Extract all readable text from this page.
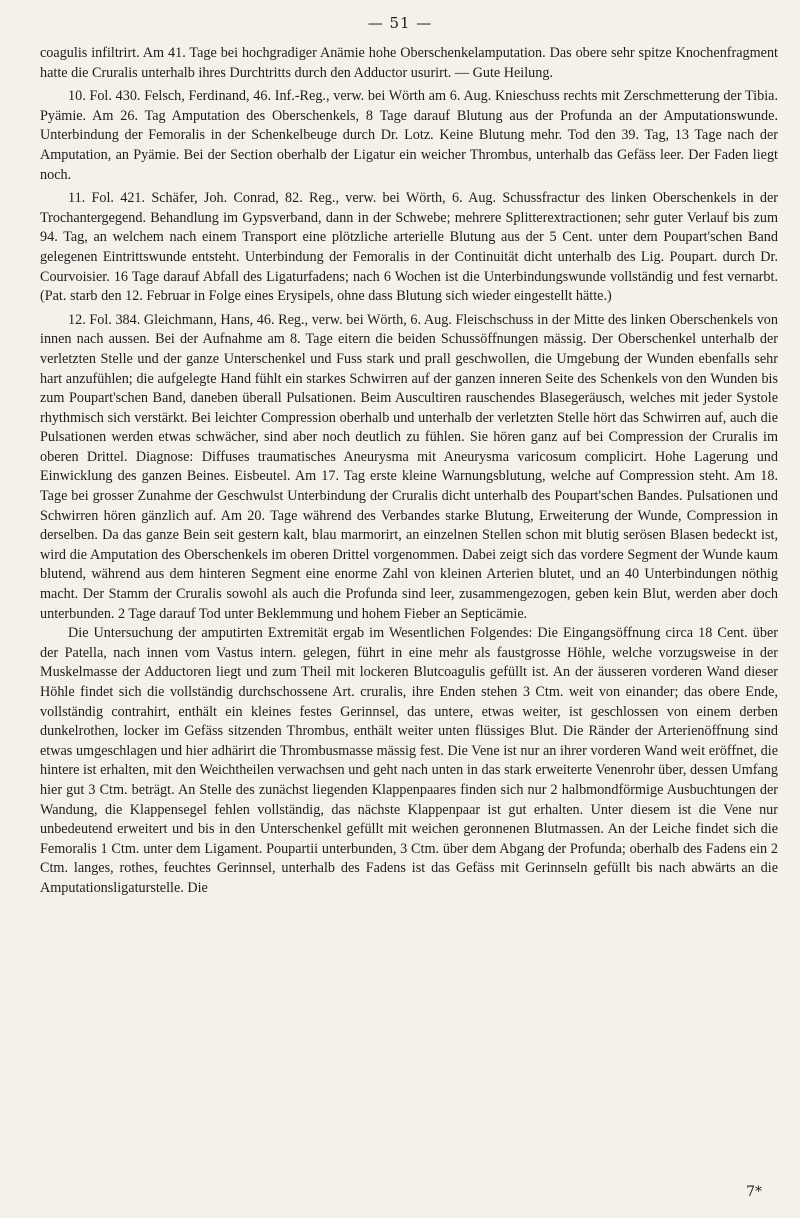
— 51 —

coagulis infiltrirt. Am 41. Tage bei hochgradiger Anämie hohe Oberschenkelamputation. Das obere sehr spitze Knochenfragment hatte die Cruralis unterhalb ihres Durchtritts durch den Adductor usurirt. — Gute Heilung.

10. Fol. 430. Felsch, Ferdinand, 46. Inf.-Reg., verw. bei Wörth am 6. Aug. Knieschuss rechts mit Zerschmetterung der Tibia. Pyämie. Am 26. Tag Amputation des Oberschenkels, 8 Tage darauf Blutung aus der Profunda an der Amputationswunde. Unterbindung der Femoralis in der Schenkelbeuge durch Dr. Lotz. Keine Blutung mehr. Tod den 39. Tag, 13 Tage nach der Amputation, an Pyämie. Bei der Section oberhalb der Ligatur ein weicher Thrombus, unterhalb das Gefäss leer. Der Faden liegt noch.

11. Fol. 421. Schäfer, Joh. Conrad, 82. Reg., verw. bei Wörth, 6. Aug. Schussfractur des linken Oberschenkels in der Trochantergegend. Behandlung im Gypsverband, dann in der Schwebe; mehrere Splitterextractionen; sehr guter Verlauf bis zum 94. Tag, an welchem nach einem Transport eine plötzliche arterielle Blutung aus der 5 Cent. unter dem Poupart'schen Band gelegenen Eintrittswunde entsteht. Unterbindung der Femoralis in der Continuität dicht unterhalb des Lig. Poupart. durch Dr. Courvoisier. 16 Tage darauf Abfall des Ligaturfadens; nach 6 Wochen ist die Unterbindungswunde vollständig und fest vernarbt. (Pat. starb den 12. Februar in Folge eines Erysipels, ohne dass Blutung sich wieder eingestellt hätte.)

12. Fol. 384. Gleichmann, Hans, 46. Reg., verw. bei Wörth, 6. Aug. Fleischschuss in der Mitte des linken Oberschenkels von innen nach aussen. Bei der Aufnahme am 8. Tage eitern die beiden Schussöffnungen mässig. Der Oberschenkel unterhalb der verletzten Stelle und der ganze Unterschenkel und Fuss stark und prall geschwollen, die Umgebung der Wunden ebenfalls sehr hart anzufühlen; die aufgelegte Hand fühlt ein starkes Schwirren auf der ganzen inneren Seite des Schenkels von den Wunden bis zum Poupart'schen Band, daneben überall Pulsationen. Beim Auscultiren rauschendes Blasegeräusch, welches mit jeder Systole rhythmisch sich verstärkt. Bei leichter Compression oberhalb und unterhalb der verletzten Stelle hört das Schwirren auf, auch die Pulsationen werden etwas schwächer, sind aber noch deutlich zu fühlen. Sie hören ganz auf bei Compression der Cruralis im oberen Drittel. Diagnose: Diffuses traumatisches Aneurysma mit Aneurysma varicosum complicirt. Hohe Lagerung und Einwicklung des ganzen Beines. Eisbeutel. Am 17. Tag erste kleine Warnungsblutung, welche auf Compression steht. Am 18. Tage bei grosser Zunahme der Geschwulst Unterbindung der Cruralis dicht unterhalb des Poupart'schen Bandes. Pulsationen und Schwirren hören gänzlich auf. Am 20. Tage während des Verbandes starke Blutung, Erweiterung der Wunde, Compression in derselben. Da das ganze Bein seit gestern kalt, blau marmorirt, an einzelnen Stellen schon mit blutig serösen Blasen bedeckt ist, wird die Amputation des Oberschenkels im oberen Drittel vorgenommen. Dabei zeigt sich das vordere Segment der Wunde kaum blutend, während aus dem hinteren Segment eine enorme Zahl von kleinen Arterien blutet, und an 40 Unterbindungen nöthig macht. Der Stamm der Cruralis sowohl als auch die Profunda sind leer, zusammengezogen, geben kein Blut, werden aber doch unterbunden. 2 Tage darauf Tod unter Beklemmung und hohem Fieber an Septicämie.

Die Untersuchung der amputirten Extremität ergab im Wesentlichen Folgendes: Die Eingangsöffnung circa 18 Cent. über der Patella, nach innen vom Vastus intern. gelegen, führt in eine mehr als faustgrosse Höhle, welche vorzugsweise in der Muskelmasse der Adductoren liegt und zum Theil mit lockeren Blutcoagulis gefüllt ist. An der äusseren vorderen Wand dieser Höhle findet sich die vollständig durchschossene Art. cruralis, ihre Enden stehen 3 Ctm. weit von einander; das obere Ende, vollständig contrahirt, enthält ein kleines festes Gerinnsel, das untere, etwas weiter, ist geschlossen von einem derben dunkelrothen, locker im Gefäss sitzenden Thrombus, enthält weiter unten flüssiges Blut. Die Ränder der Arterienöffnung sind etwas umgeschlagen und hier adhärirt die Thrombusmasse mässig fest. Die Vene ist nur an ihrer vorderen Wand weit eröffnet, die hintere ist erhalten, mit den Weichtheilen verwachsen und geht nach unten in das stark erweiterte Venenrohr über, dessen Umfang hier gut 3 Ctm. beträgt. An Stelle des zunächst liegenden Klappenpaares finden sich nur 2 halbmondförmige Ausbuchtungen der Wandung, die Klappensegel fehlen vollständig, das nächste Klappenpaar ist gut erhalten. Unter diesem ist die Vene nur unbedeutend erweitert und bis in den Unterschenkel gefüllt mit weichen geronnenen Blutmassen. An der Leiche findet sich die Femoralis 1 Ctm. unter dem Ligament. Poupartii unterbunden, 3 Ctm. über dem Abgang der Profunda; oberhalb des Fadens ein 2 Ctm. langes, rothes, feuchtes Gerinnsel, unterhalb des Fadens ist das Gefäss mit Gerinnseln gefüllt bis nach abwärts an die Amputationsligaturstelle. Die

7*
